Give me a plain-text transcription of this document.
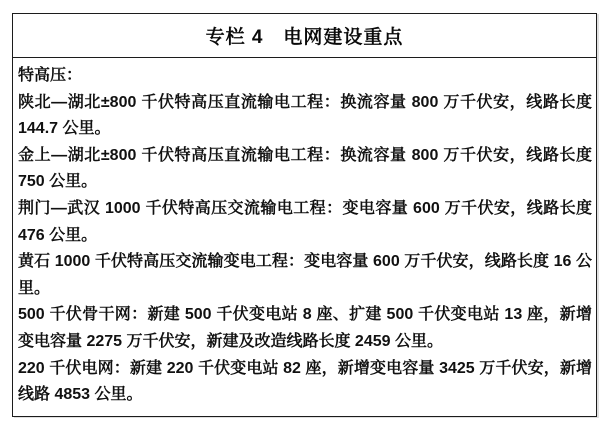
专栏 4　电网建设重点

特高压：

陕北—湖北±800 千伏特高压直流输电工程：换流容量 800 万千伏安，线路长度 144.7 公里。

金上—湖北±800 千伏特高压直流输电工程：换流容量 800 万千伏安，线路长度 750 公里。

荆门—武汉 1000 千伏特高压交流输电工程：变电容量 600 万千伏安，线路长度 476 公里。

黄石 1000 千伏特高压交流输变电工程：变电容量 600 万千伏安，线路长度 16 公里。

500 千伏骨干网：新建 500 千伏变电站 8 座、扩建 500 千伏变电站 13 座，新增变电容量 2275 万千伏安，新建及改造线路长度 2459 公里。

220 千伏电网：新建 220 千伏变电站 82 座，新增变电容量 3425 万千伏安，新增线路 4853 公里。
